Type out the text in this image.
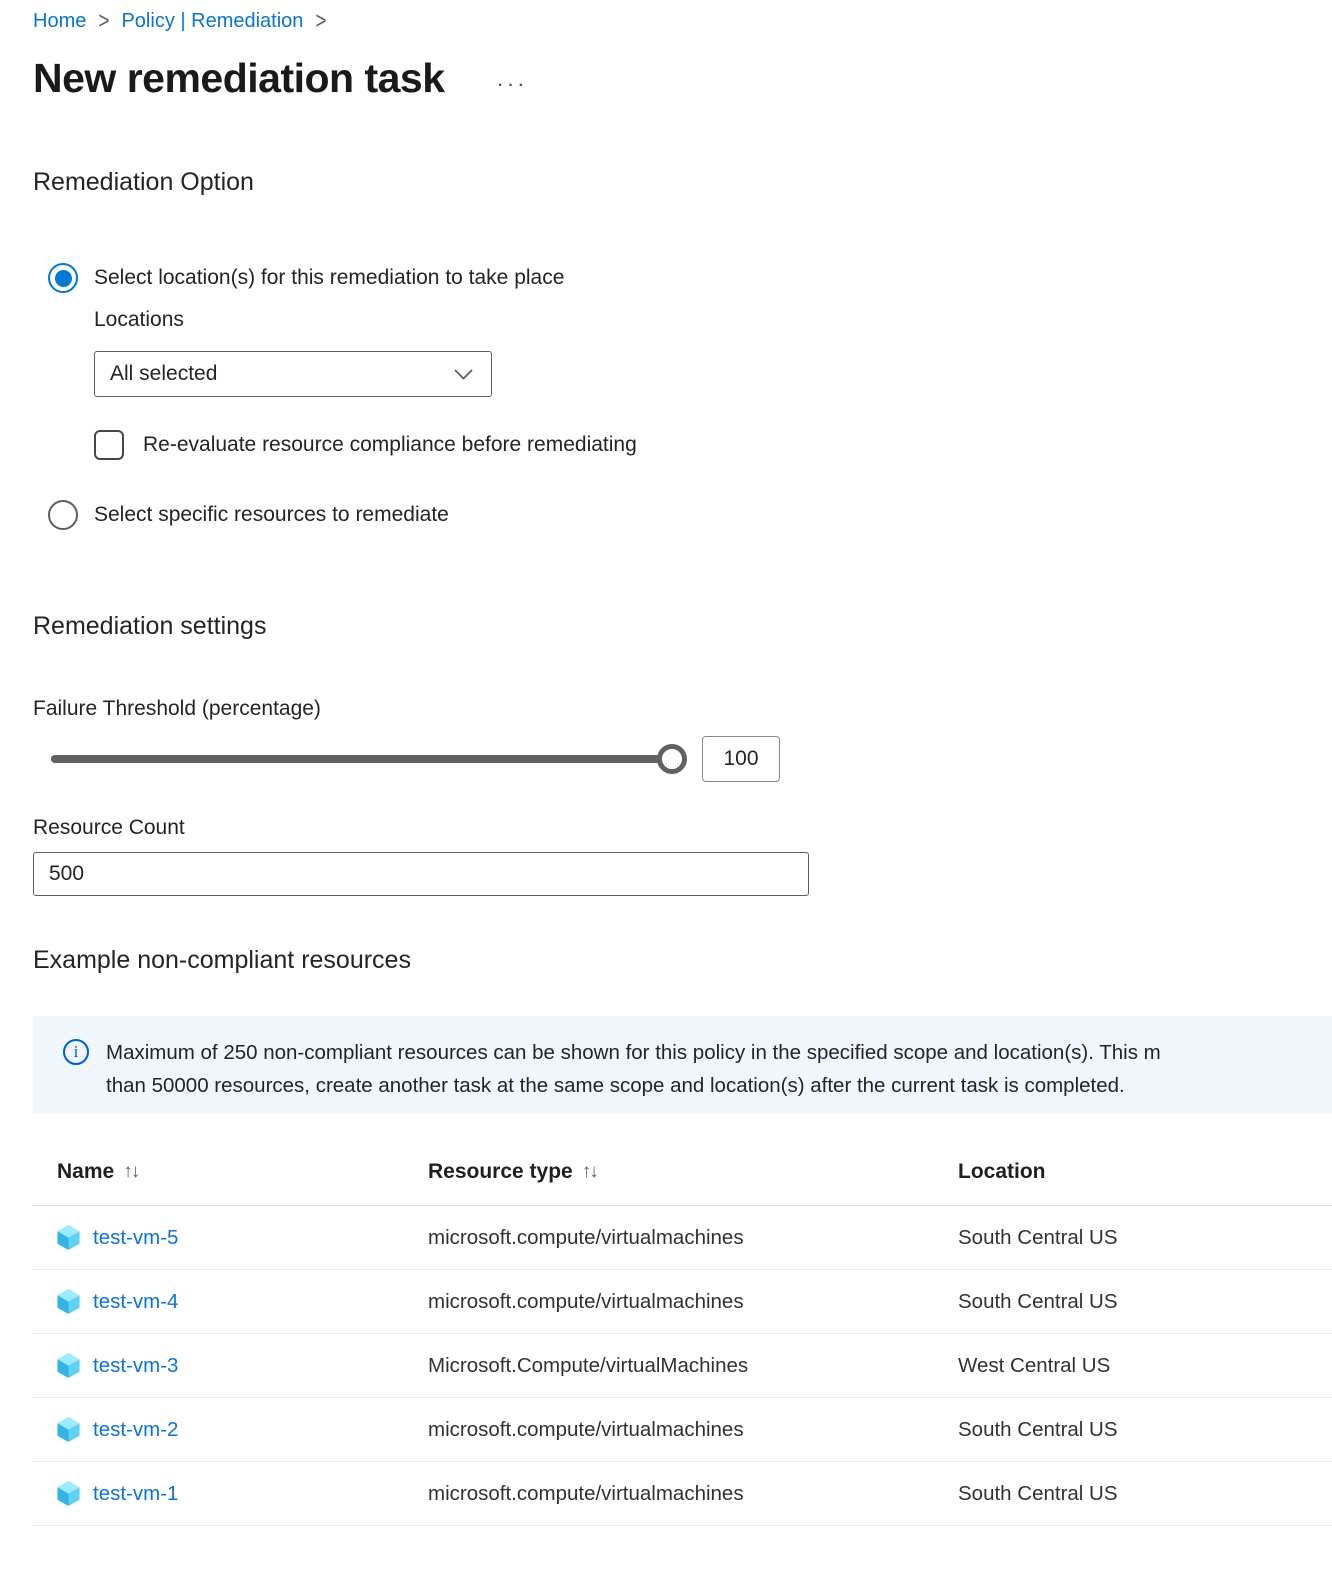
Home > Policy | Remediation >
New remediation task ···
Remediation Option
Select location(s) for this remediation to take place
Locations
All selected
Re-evaluate resource compliance before remediating
Select specific resources to remediate
Remediation settings
Failure Threshold (percentage)
100
Resource Count
500
Example non-compliant resources
i	Maximum of 250 non-compliant resources can be shown for this policy in the specified scope and location(s). This m
than 50000 resources, create another task at the same scope and location(s) after the current task is completed.
Name ↑↓	Resource type ↑↓	Location
test-vm-5	microsoft.compute/virtualmachines	South Central US
test-vm-4	microsoft.compute/virtualmachines	South Central US
test-vm-3	Microsoft.Compute/virtualMachines	West Central US
test-vm-2	microsoft.compute/virtualmachines	South Central US
test-vm-1	microsoft.compute/virtualmachines	South Central US
